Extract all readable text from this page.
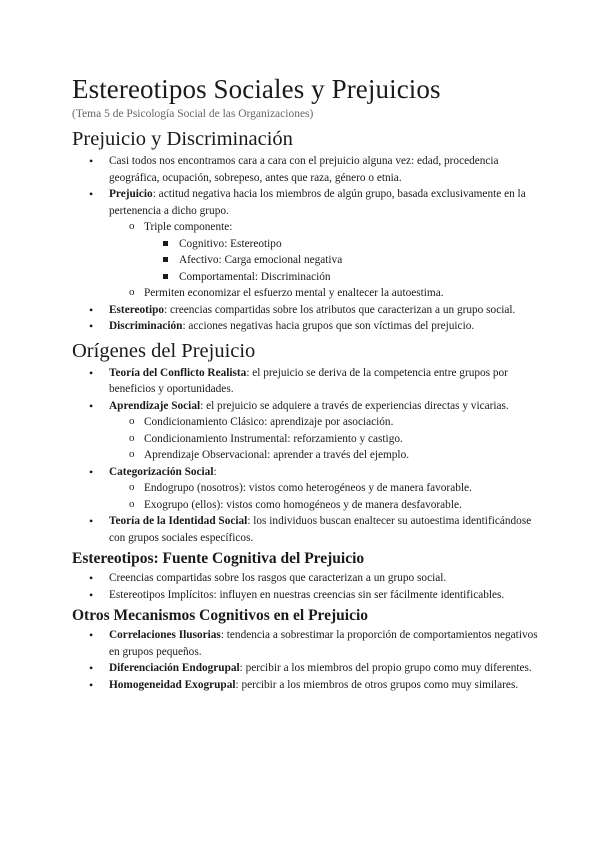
Estereotipos Sociales y Prejuicios
(Tema 5 de Psicología Social de las Organizaciones)
Prejuicio y Discriminación
• Casi todos nos encontramos cara a cara con el prejuicio alguna vez: edad, procedencia geográfica, ocupación, sobrepeso, antes que raza, género o etnia.
• Prejuicio: actitud negativa hacia los miembros de algún grupo, basada exclusivamente en la pertenencia a dicho grupo.
o Triple componente:
Cognitivo: Estereotipo
Afectivo: Carga emocional negativa
Comportamental: Discriminación
o Permiten economizar el esfuerzo mental y enaltecer la autoestima.
• Estereotipo: creencias compartidas sobre los atributos que caracterizan a un grupo social.
• Discriminación: acciones negativas hacia grupos que son víctimas del prejuicio.
Orígenes del Prejuicio
• Teoría del Conflicto Realista: el prejuicio se deriva de la competencia entre grupos por beneficios y oportunidades.
• Aprendizaje Social: el prejuicio se adquiere a través de experiencias directas y vicarias.
o Condicionamiento Clásico: aprendizaje por asociación.
o Condicionamiento Instrumental: reforzamiento y castigo.
o Aprendizaje Observacional: aprender a través del ejemplo.
• Categorización Social:
o Endogrupo (nosotros): vistos como heterogéneos y de manera favorable.
o Exogrupo (ellos): vistos como homogéneos y de manera desfavorable.
• Teoría de la Identidad Social: los individuos buscan enaltecer su autoestima identificándose con grupos sociales específicos.
Estereotipos: Fuente Cognitiva del Prejuicio
• Creencias compartidas sobre los rasgos que caracterizan a un grupo social.
• Estereotipos Implícitos: influyen en nuestras creencias sin ser fácilmente identificables.
Otros Mecanismos Cognitivos en el Prejuicio
• Correlaciones Ilusorias: tendencia a sobrestimar la proporción de comportamientos negativos en grupos pequeños.
• Diferenciación Endogrupal: percibir a los miembros del propio grupo como muy diferentes.
• Homogeneidad Exogrupal: percibir a los miembros de otros grupos como muy similares.
